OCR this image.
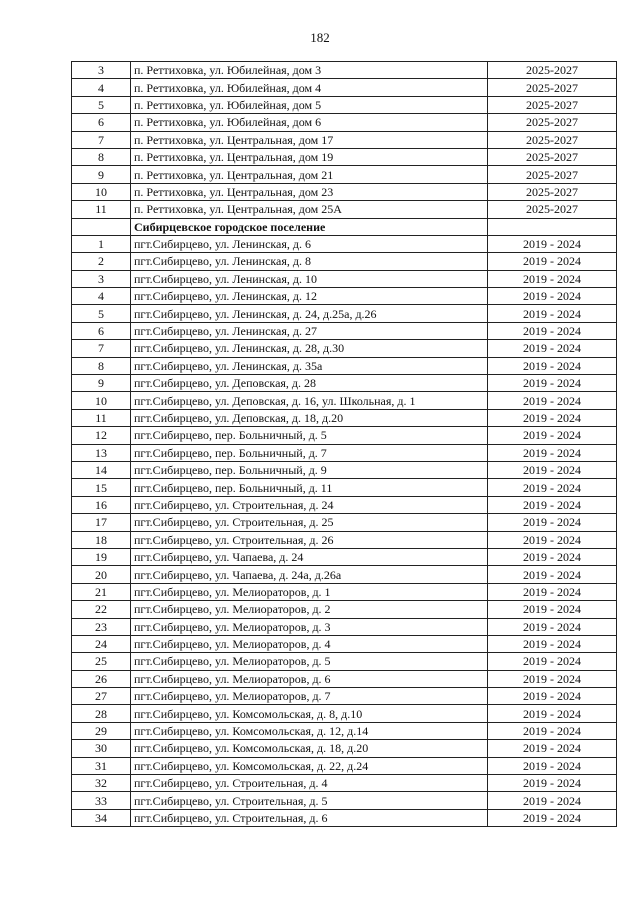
182
3	п. Реттиховка, ул. Юбилейная, дом 3	2025-2027
4	п. Реттиховка, ул. Юбилейная, дом 4	2025-2027
5	п. Реттиховка, ул. Юбилейная, дом 5	2025-2027
6	п. Реттиховка, ул. Юбилейная, дом 6	2025-2027
7	п. Реттиховка, ул. Центральная, дом 17	2025-2027
8	п. Реттиховка, ул. Центральная, дом 19	2025-2027
9	п. Реттиховка, ул. Центральная, дом 21	2025-2027
10	п. Реттиховка, ул. Центральная, дом 23	2025-2027
11	п. Реттиховка, ул. Центральная, дом 25А	2025-2027
	Сибирцевское городское поселение	
1	пгт.Сибирцево, ул. Ленинская, д. 6	2019 - 2024
2	пгт.Сибирцево, ул. Ленинская, д. 8	2019 - 2024
3	пгт.Сибирцево, ул. Ленинская, д. 10	2019 - 2024
4	пгт.Сибирцево, ул. Ленинская, д. 12	2019 - 2024
5	пгт.Сибирцево, ул. Ленинская, д. 24, д.25а, д.26	2019 - 2024
6	пгт.Сибирцево, ул. Ленинская, д. 27	2019 - 2024
7	пгт.Сибирцево, ул. Ленинская, д. 28, д.30	2019 - 2024
8	пгт.Сибирцево, ул. Ленинская, д. 35а	2019 - 2024
9	пгт.Сибирцево, ул. Деповская, д. 28	2019 - 2024
10	пгт.Сибирцево, ул. Деповская, д. 16, ул. Школьная, д. 1	2019 - 2024
11	пгт.Сибирцево, ул. Деповская, д. 18, д.20	2019 - 2024
12	пгт.Сибирцево, пер. Больничный, д. 5	2019 - 2024
13	пгт.Сибирцево, пер. Больничный, д. 7	2019 - 2024
14	пгт.Сибирцево, пер. Больничный, д. 9	2019 - 2024
15	пгт.Сибирцево, пер. Больничный, д. 11	2019 - 2024
16	пгт.Сибирцево, ул. Строительная, д. 24	2019 - 2024
17	пгт.Сибирцево, ул. Строительная, д. 25	2019 - 2024
18	пгт.Сибирцево, ул. Строительная, д. 26	2019 - 2024
19	пгт.Сибирцево, ул. Чапаева, д. 24	2019 - 2024
20	пгт.Сибирцево, ул. Чапаева, д. 24а, д.26а	2019 - 2024
21	пгт.Сибирцево, ул. Мелиораторов, д. 1	2019 - 2024
22	пгт.Сибирцево, ул. Мелиораторов, д. 2	2019 - 2024
23	пгт.Сибирцево, ул. Мелиораторов, д. 3	2019 - 2024
24	пгт.Сибирцево, ул. Мелиораторов, д. 4	2019 - 2024
25	пгт.Сибирцево, ул. Мелиораторов, д. 5	2019 - 2024
26	пгт.Сибирцево, ул. Мелиораторов, д. 6	2019 - 2024
27	пгт.Сибирцево, ул. Мелиораторов, д. 7	2019 - 2024
28	пгт.Сибирцево, ул. Комсомольская, д. 8, д.10	2019 - 2024
29	пгт.Сибирцево, ул. Комсомольская, д. 12, д.14	2019 - 2024
30	пгт.Сибирцево, ул. Комсомольская, д. 18, д.20	2019 - 2024
31	пгт.Сибирцево, ул. Комсомольская, д. 22, д.24	2019 - 2024
32	пгт.Сибирцево, ул. Строительная, д. 4	2019 - 2024
33	пгт.Сибирцево, ул. Строительная, д. 5	2019 - 2024
34	пгт.Сибирцево, ул. Строительная, д. 6	2019 - 2024
